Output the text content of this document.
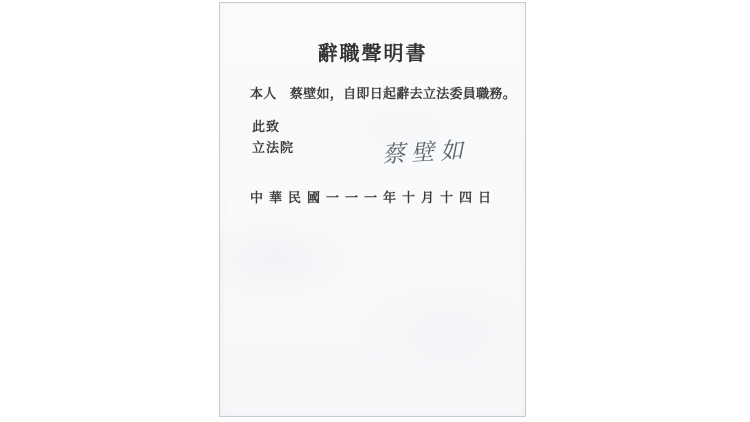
辭職聲明書
本人　蔡壁如，自即日起辭去立法委員職務。
此致
立法院	蔡壁如
中華民國一一一年十月十四日
